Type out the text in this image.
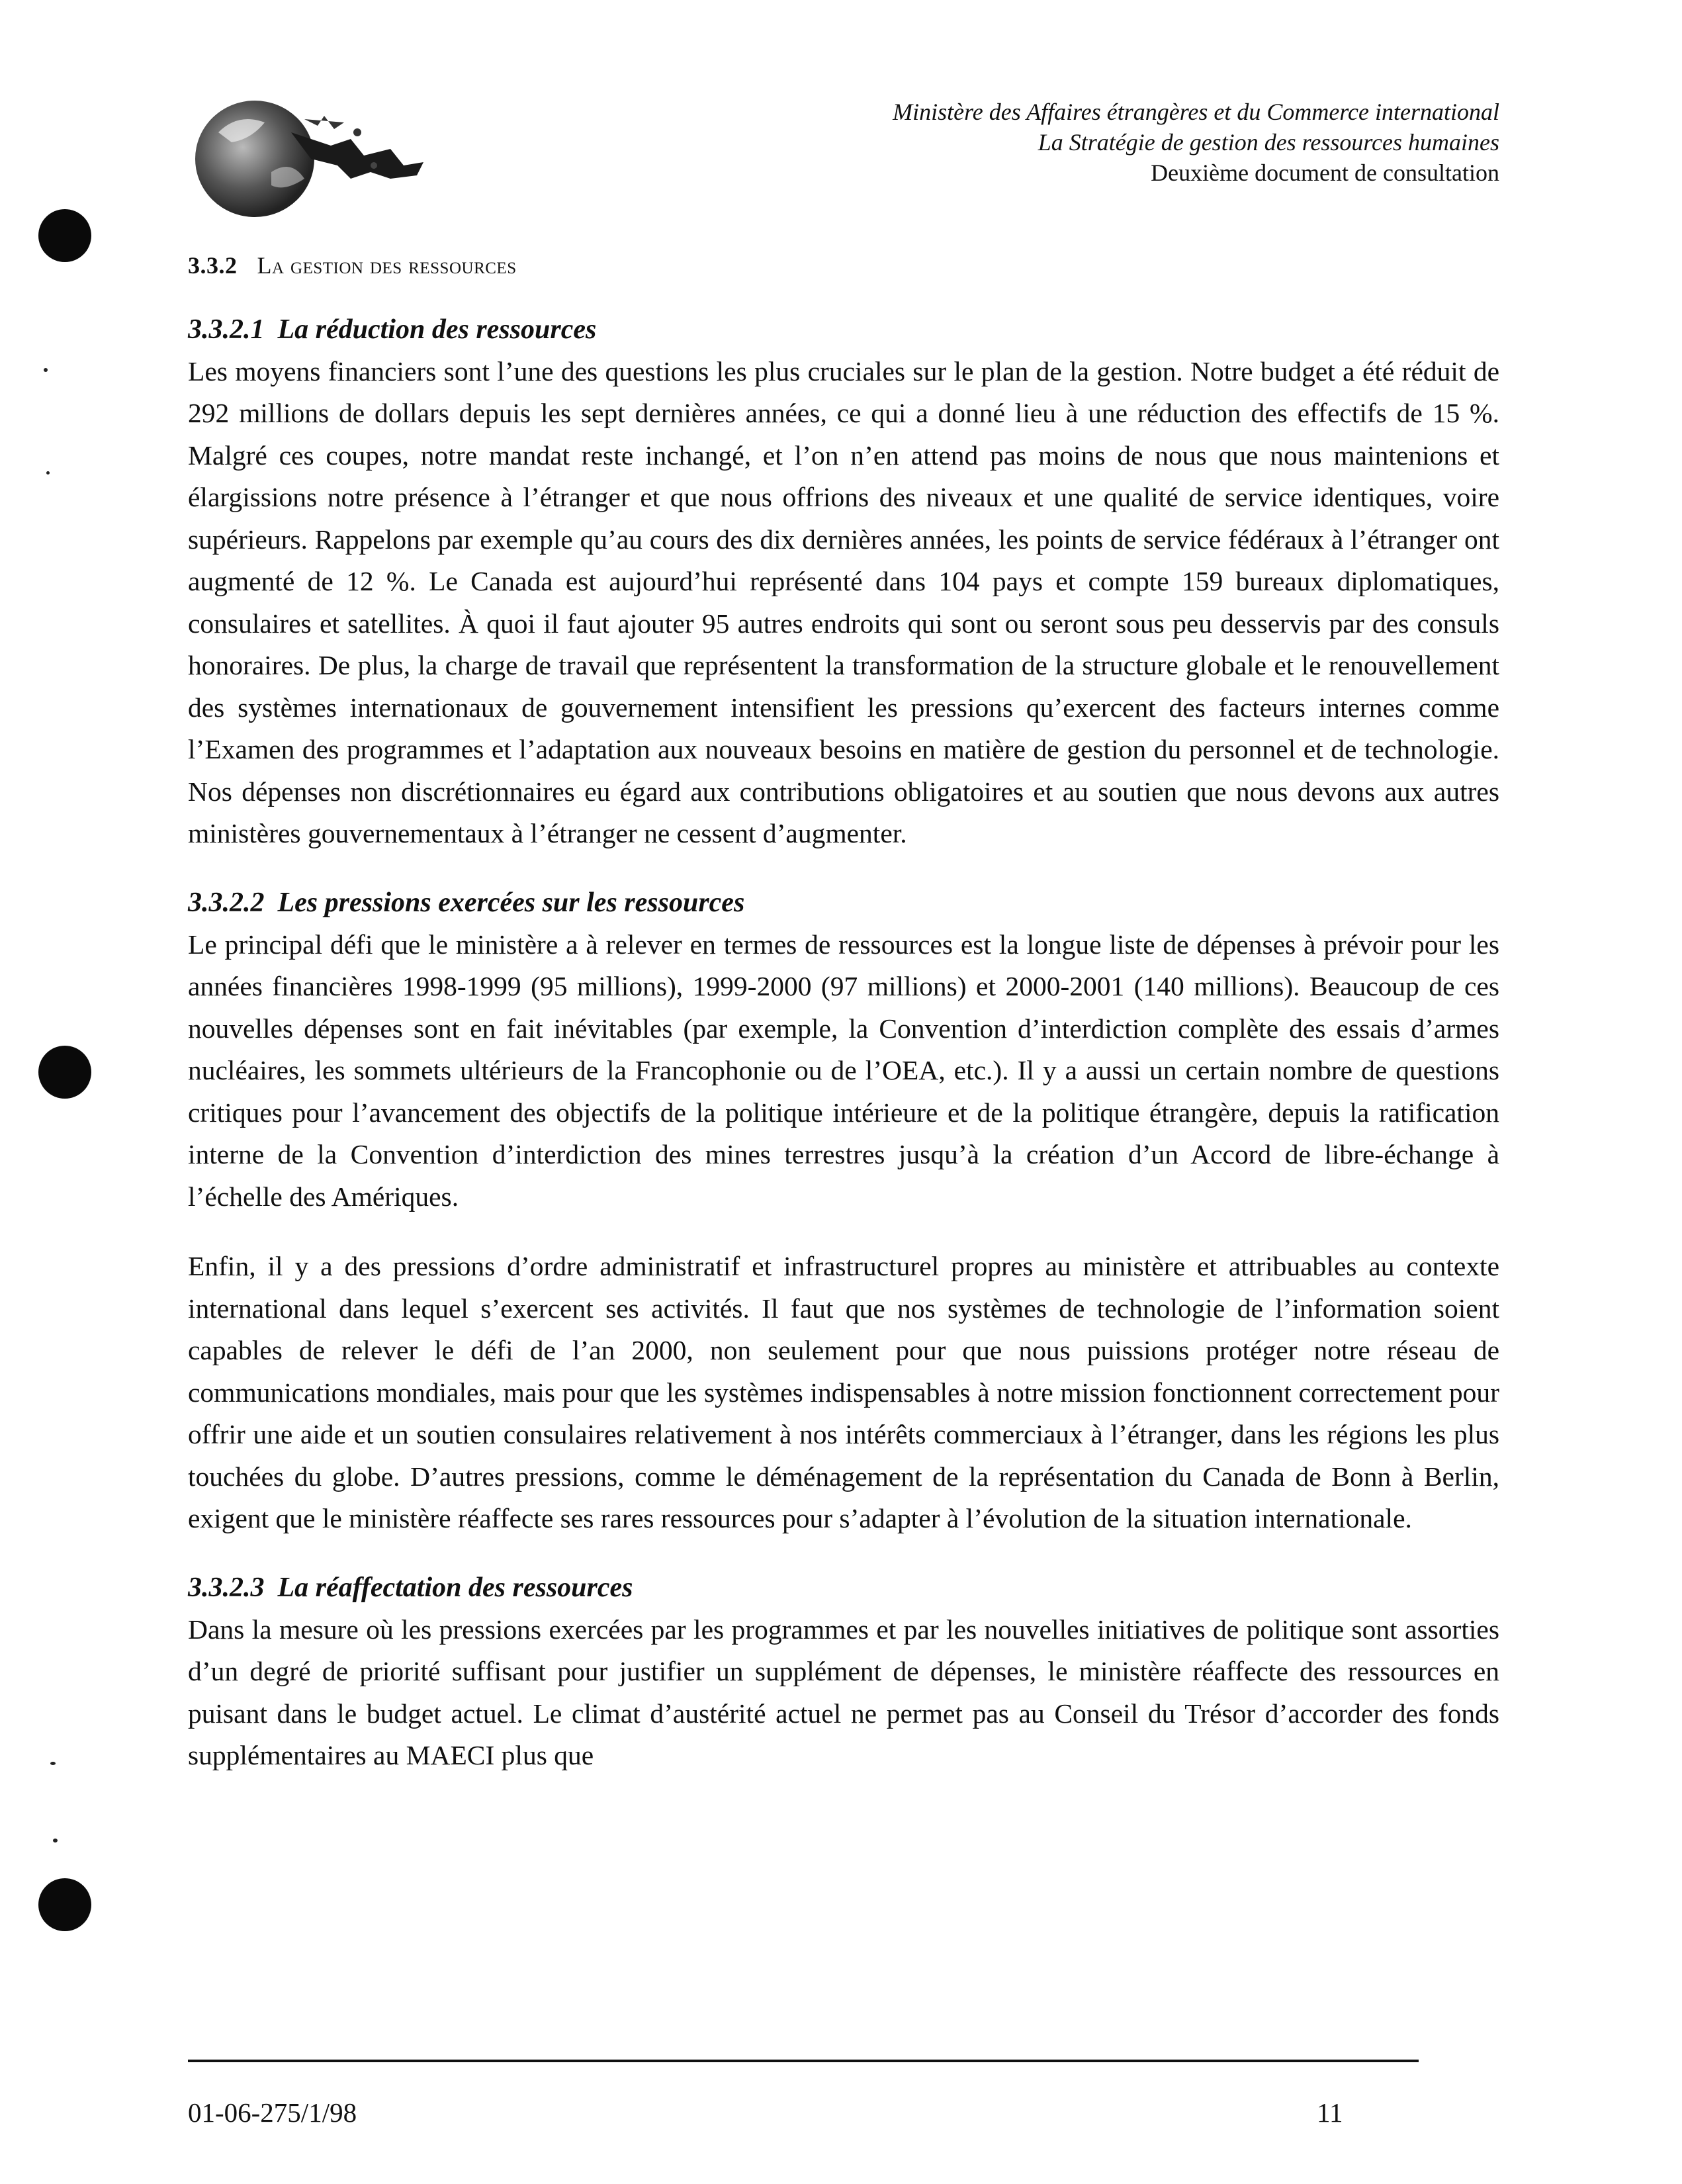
Ministère des Affaires étrangères et du Commerce international
La Stratégie de gestion des ressources humaines
Deuxième document de consultation
3.3.2 La gestion des ressources
3.3.2.1 La réduction des ressources

Les moyens financiers sont l’une des questions les plus cruciales sur le plan de la gestion. Notre budget a été réduit de 292 millions de dollars depuis les sept dernières années, ce qui a donné lieu à une réduction des effectifs de 15 %. Malgré ces coupes, notre mandat reste inchangé, et l’on n’en attend pas moins de nous que nous maintenions et élargissions notre présence à l’étranger et que nous offrions des niveaux et une qualité de service identiques, voire supérieurs. Rappelons par exemple qu’au cours des dix dernières années, les points de service fédéraux à l’étranger ont augmenté de 12 %. Le Canada est aujourd’hui représenté dans 104 pays et compte 159 bureaux diplomatiques, consulaires et satellites. À quoi il faut ajouter 95 autres endroits qui sont ou seront sous peu desservis par des consuls honoraires. De plus, la charge de travail que représentent la transformation de la structure globale et le renouvellement des systèmes internationaux de gouvernement intensifient les pressions qu’exercent des facteurs internes comme l’Examen des programmes et l’adaptation aux nouveaux besoins en matière de gestion du personnel et de technologie. Nos dépenses non discrétionnaires eu égard aux contributions obligatoires et au soutien que nous devons aux autres ministères gouvernementaux à l’étranger ne cessent d’augmenter.

3.3.2.2 Les pressions exercées sur les ressources

Le principal défi que le ministère a à relever en termes de ressources est la longue liste de dépenses à prévoir pour les années financières 1998-1999 (95 millions), 1999-2000 (97 millions) et 2000-2001 (140 millions). Beaucoup de ces nouvelles dépenses sont en fait inévitables (par exemple, la Convention d’interdiction complète des essais d’armes nucléaires, les sommets ultérieurs de la Francophonie ou de l’OEA, etc.). Il y a aussi un certain nombre de questions critiques pour l’avancement des objectifs de la politique intérieure et de la politique étrangère, depuis la ratification interne de la Convention d’interdiction des mines terrestres jusqu’à la création d’un Accord de libre-échange à l’échelle des Amériques.

Enfin, il y a des pressions d’ordre administratif et infrastructurel propres au ministère et attribuables au contexte international dans lequel s’exercent ses activités. Il faut que nos systèmes de technologie de l’information soient capables de relever le défi de l’an 2000, non seulement pour que nous puissions protéger notre réseau de communications mondiales, mais pour que les systèmes indispensables à notre mission fonctionnent correctement pour offrir une aide et un soutien consulaires relativement à nos intérêts commerciaux à l’étranger, dans les régions les plus touchées du globe. D’autres pressions, comme le déménagement de la représentation du Canada de Bonn à Berlin, exigent que le ministère réaffecte ses rares ressources pour s’adapter à l’évolution de la situation internationale.

3.3.2.3 La réaffectation des ressources

Dans la mesure où les pressions exercées par les programmes et par les nouvelles initiatives de politique sont assorties d’un degré de priorité suffisant pour justifier un supplément de dépenses, le ministère réaffecte des ressources en puisant dans le budget actuel. Le climat d’austérité actuel ne permet pas au Conseil du Trésor d’accorder des fonds supplémentaires au MAECI plus que

01-06-275/1/98	11
